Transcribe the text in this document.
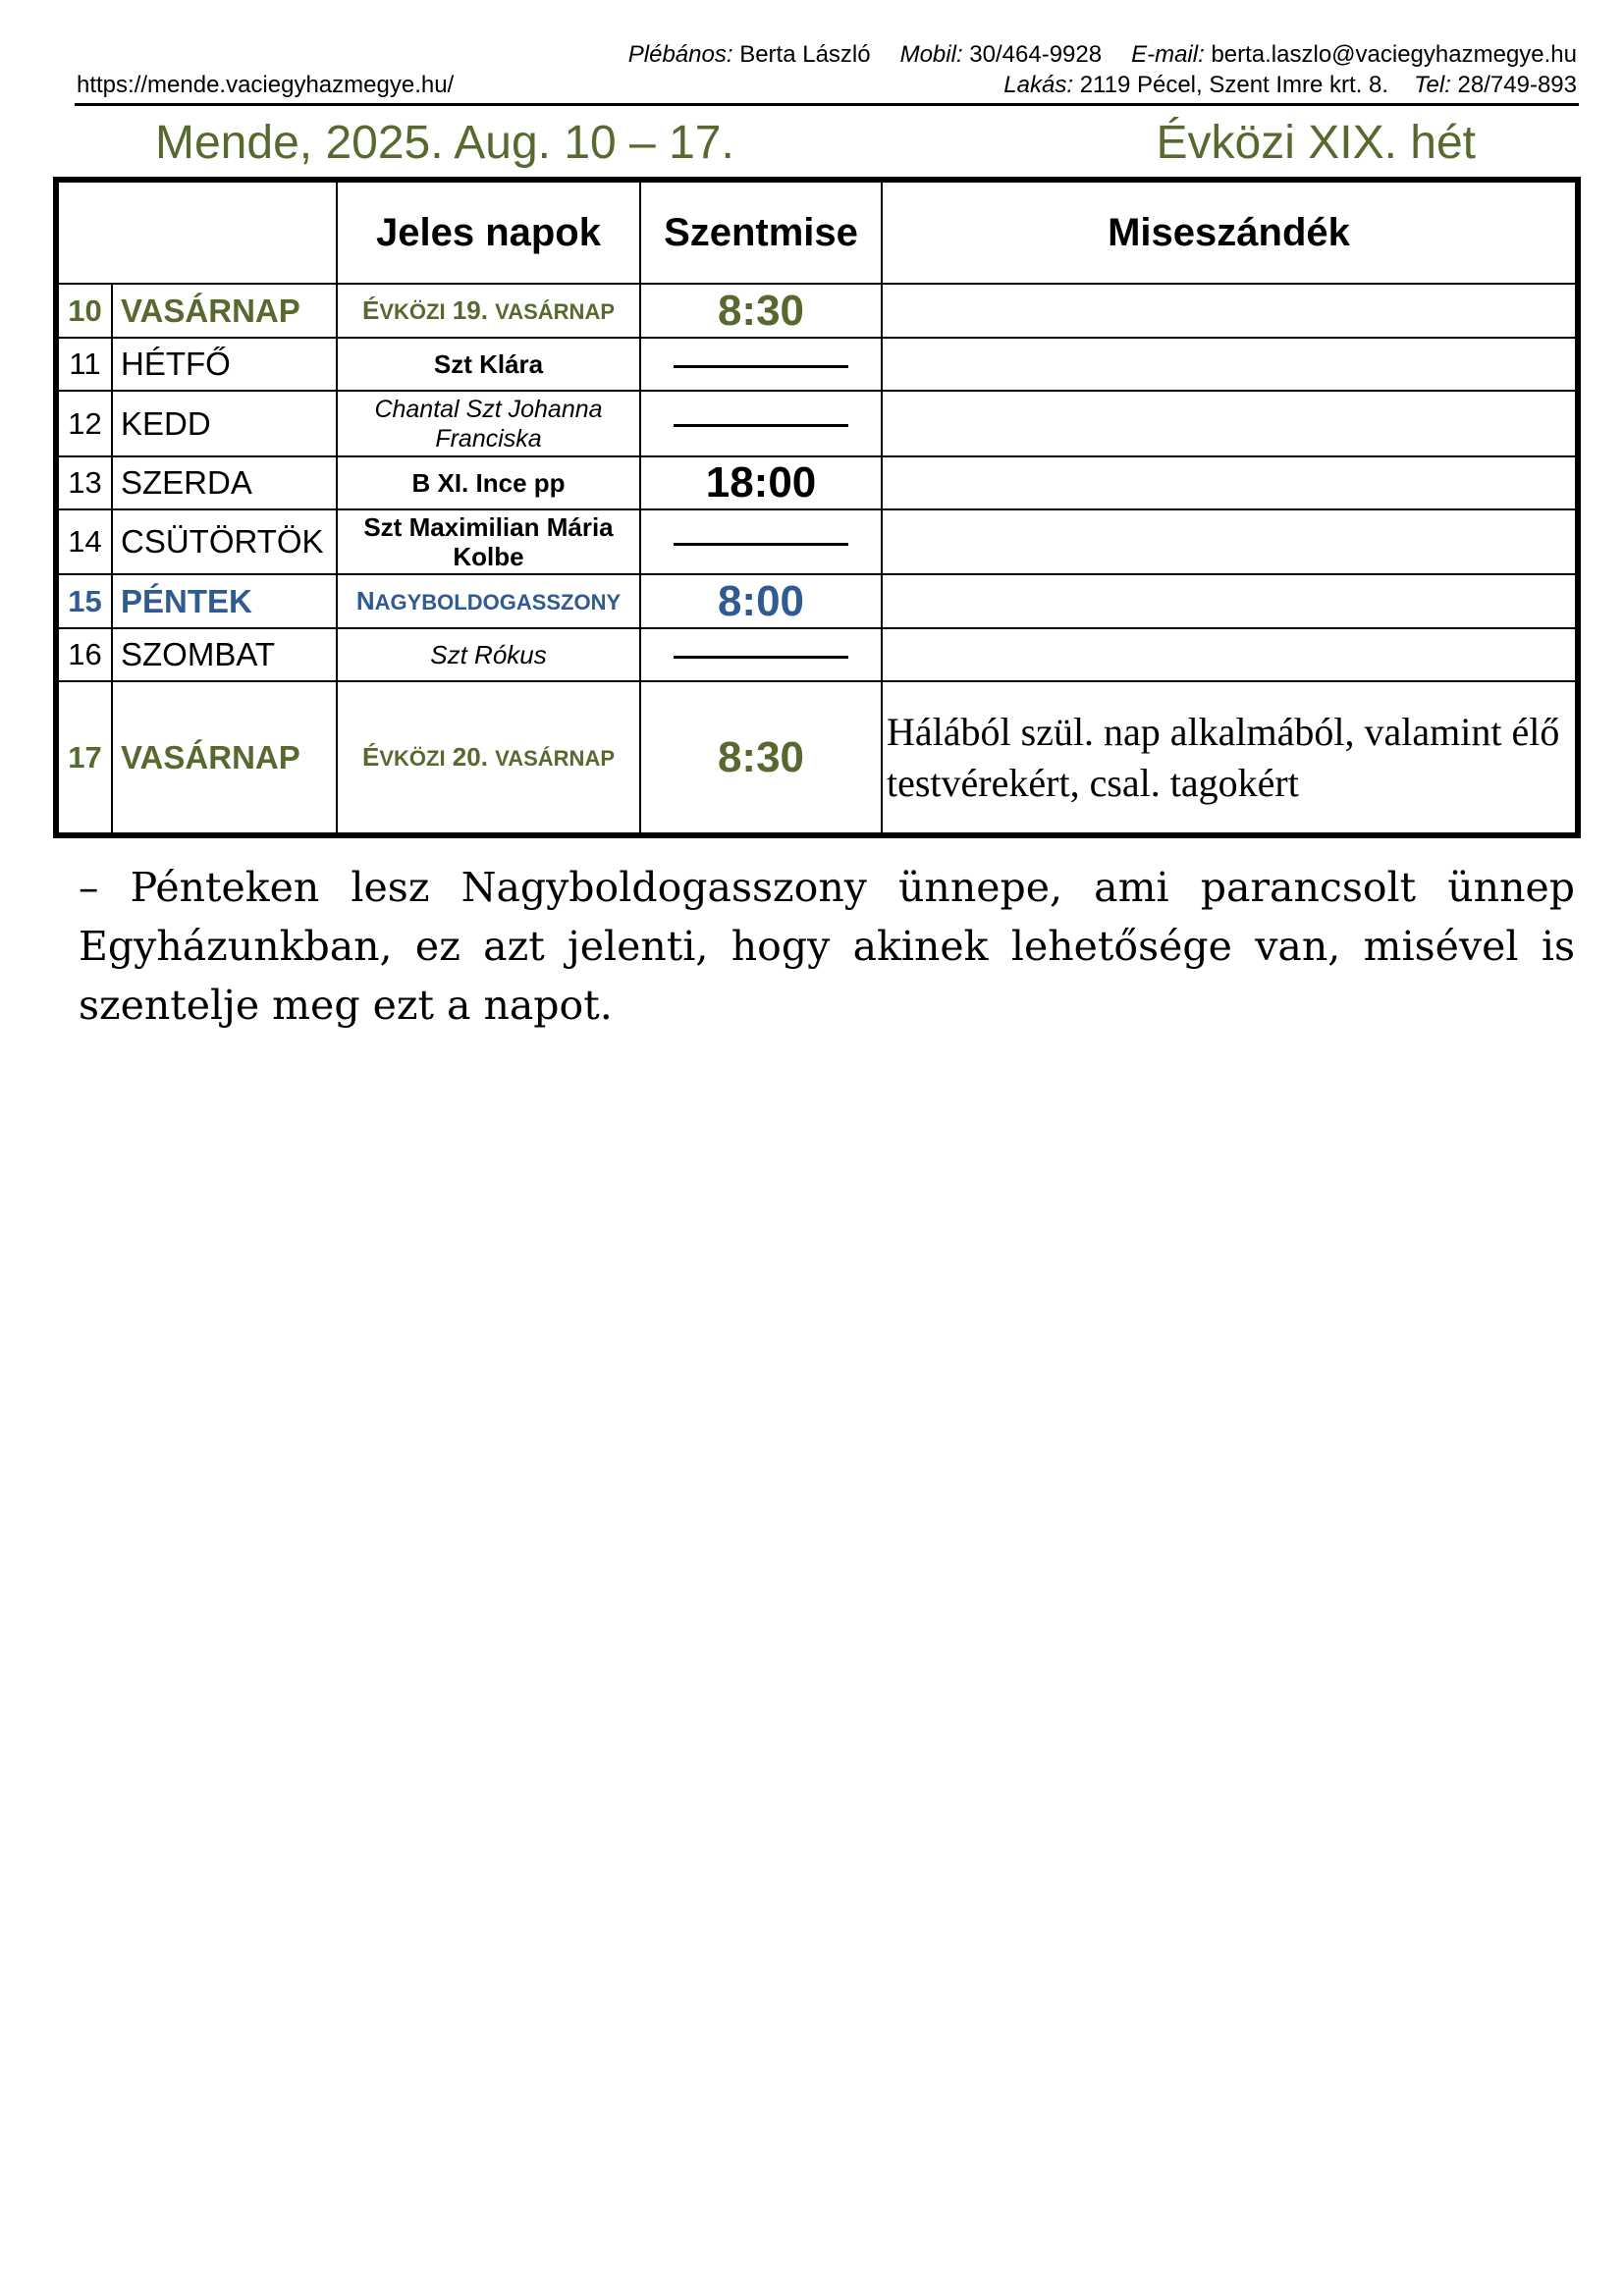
Plébános:
Berta László Mobil:
30/464-9928 E-mail:
berta.laszlo@vaciegyhazmegye.hu
https://mende.vaciegyhazmegye.hu/	Lakás: 2119 Pécel, Szent Imre krt. 8. Tel: 28/749-893
Mende, 2025. Aug. 10 – 17.	Évközi XIX. hét
		Jeles napok	Szentmise	Miseszándék
10	VASÁRNAP	ÉVKÖZI 19. VASÁRNAP	8:30	
11	HÉTFŐ	Szt Klára		
12	KEDD	Chantal Szt Johanna Franciska		
13	SZERDA	B XI. Ince pp	18:00	
14	CSÜTÖRTÖK	Szt Maximilian Mária Kolbe		
15	PÉNTEK	NAGYBOLDOGASSZONY	8:00	
16	SZOMBAT	Szt Rókus		
17	VASÁRNAP	ÉVKÖZI 20. VASÁRNAP	8:30	Hálából szül. nap alkalmából, valamint élő testvérekért, csal. tagokért
– Pénteken lesz Nagyboldogasszony ünnepe, ami parancsolt ünnep Egyházunkban, ez azt jelenti, hogy akinek lehetősége van, misével is szentelje meg ezt a napot.
